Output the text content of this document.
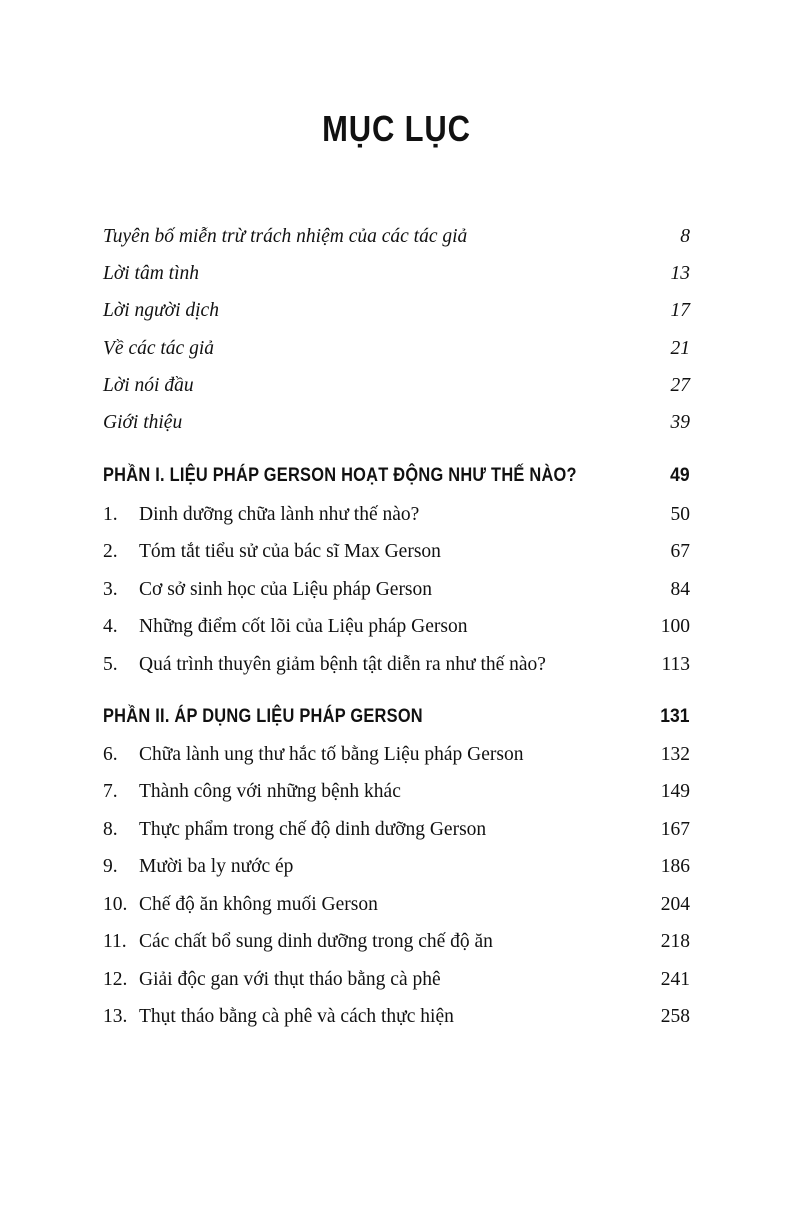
MỤC LỤC
Tuyên bố miễn trừ trách nhiệm của các tác giả	8
Lời tâm tình	13
Lời người dịch	17
Về các tác giả	21
Lời nói đầu	27
Giới thiệu	39
PHẦN I. LIỆU PHÁP GERSON HOẠT ĐỘNG NHƯ THẾ NÀO?	49
1. Dinh dưỡng chữa lành như thế nào?	50
2. Tóm tắt tiểu sử của bác sĩ Max Gerson	67
3. Cơ sở sinh học của Liệu pháp Gerson	84
4. Những điểm cốt lõi của Liệu pháp Gerson	100
5. Quá trình thuyên giảm bệnh tật diễn ra như thế nào?	113
PHẦN II. ÁP DỤNG LIỆU PHÁP GERSON	131
6. Chữa lành ung thư hắc tố bằng Liệu pháp Gerson	132
7. Thành công với những bệnh khác	149
8. Thực phẩm trong chế độ dinh dưỡng Gerson	167
9. Mười ba ly nước ép	186
10. Chế độ ăn không muối Gerson	204
11. Các chất bổ sung dinh dưỡng trong chế độ ăn	218
12. Giải độc gan với thụt tháo bằng cà phê	241
13. Thụt tháo bằng cà phê và cách thực hiện	258
